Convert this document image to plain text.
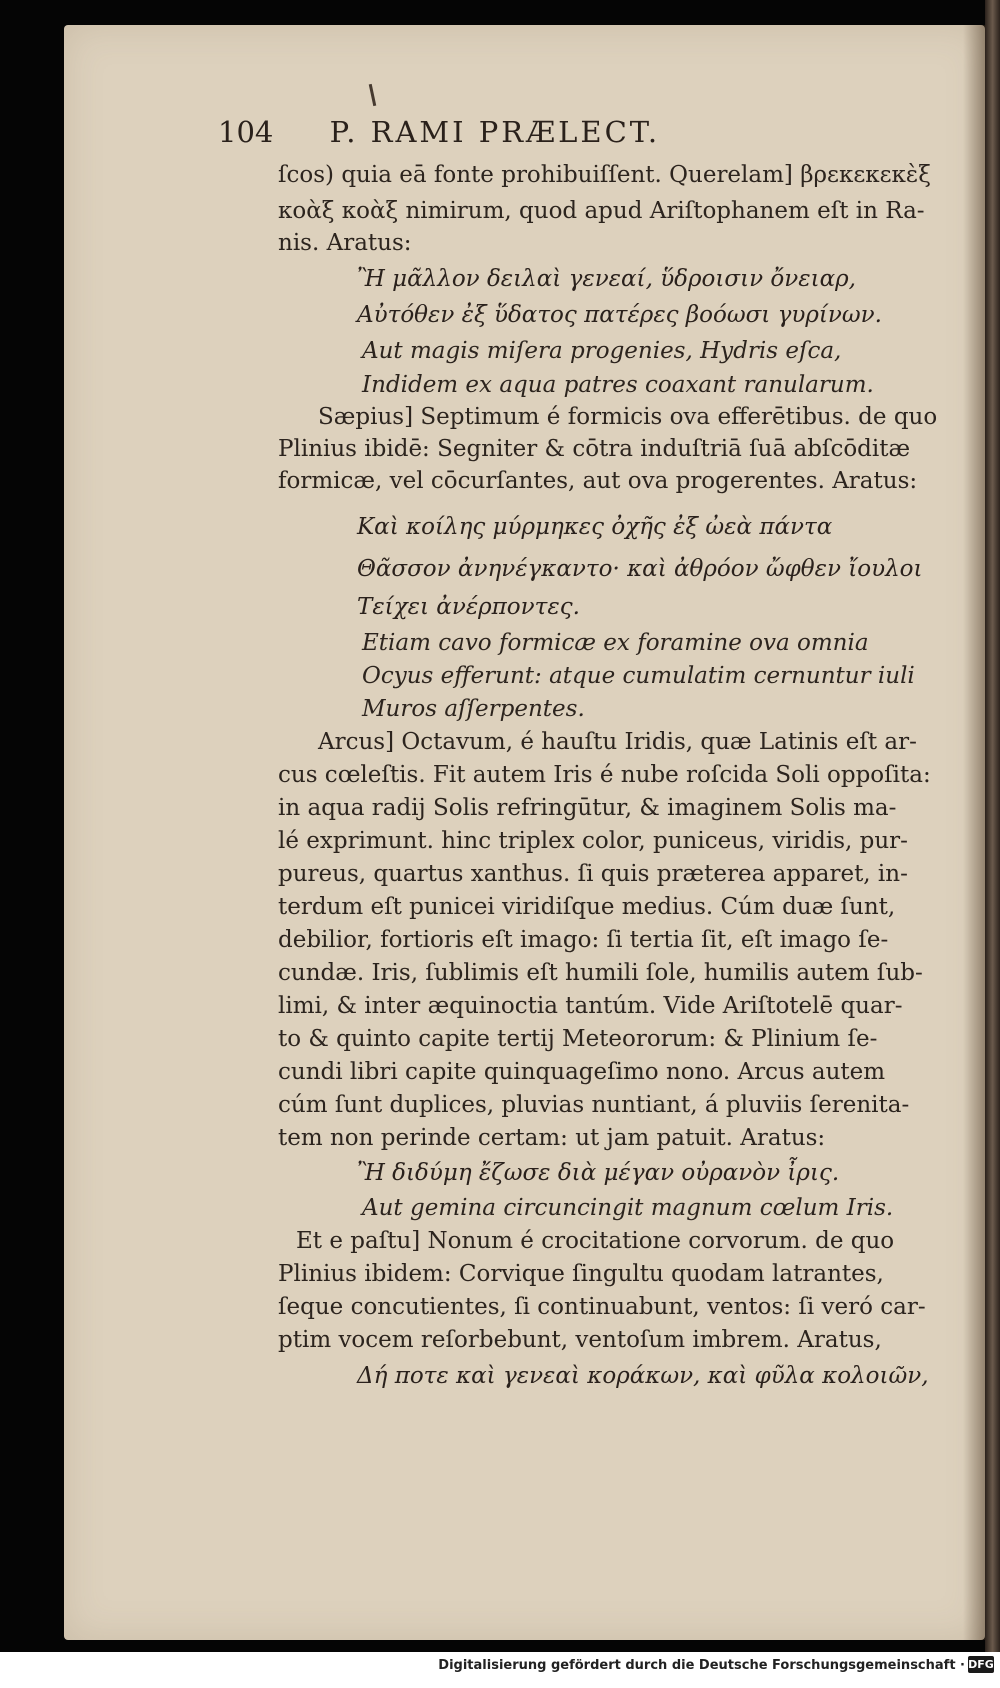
104 P. RAMI PRÆLECT.
ſcos) quia eā fonte prohibuiſſent. Querelam] βρεκεκεκὲξ
κοὰξ κοὰξ nimirum, quod apud Ariſtophanem eſt in Ra-
nis. Aratus:
Ἢ μᾶλλον δειλαὶ γενεαί, ὕδροισιν ὄνειαρ,
Αὐτόθεν ἐξ ὕδατος πατέρες βοόωσι γυρίνων.
Aut magis miſera progenies, Hydris eſca,
Indidem ex aqua patres coaxant ranularum.
Sæpius] Septimum é formicis ova efferētibus. de quo
Plinius ibidē: Segniter & cōtra induſtriā ſuā abſcōditæ
formicæ, vel cōcurſantes, aut ova progerentes. Aratus:
Καὶ κοίλης μύρμηκες ὀχῆς ἐξ ὠεὰ πάντα
Θᾶσσον ἀνηνέγκαντο· καὶ ἀθρόον ὤφθεν ἴουλοι
Τείχει ἀνέρποντες.
Etiam cavo formicæ ex foramine ova omnia
Ocyus efferunt: atque cumulatim cernuntur iuli
Muros aſſerpentes.
Arcus] Octavum, é hauſtu Iridis, quæ Latinis eſt ar-
cus cœleſtis. Fit autem Iris é nube roſcida Soli oppoſita:
in aqua radij Solis refringūtur, & imaginem Solis ma-
lé exprimunt. hinc triplex color, puniceus, viridis, pur-
pureus, quartus xanthus. ſi quis præterea apparet, in-
terdum eſt punicei viridiſque medius. Cúm duæ ſunt,
debilior, fortioris eſt imago: ſi tertia ſit, eſt imago ſe-
cundæ. Iris, ſublimis eſt humili ſole, humilis autem ſub-
limi, & inter æquinoctia tantúm. Vide Ariſtotelē quar-
to & quinto capite tertij Meteororum: & Plinium ſe-
cundi libri capite quinquageſimo nono. Arcus autem
cúm ſunt duplices, pluvias nuntiant, á pluviis ſerenita-
tem non perinde certam: ut jam patuit. Aratus:
Ἢ διδύμη ἔζωσε διὰ μέγαν οὐρανὸν ἶρις.
Aut gemina circuncingit magnum cœlum Iris.
Et e paſtu] Nonum é crocitatione corvorum. de quo
Plinius ibidem: Corvique ſingultu quodam latrantes,
ſeque concutientes, ſi continuabunt, ventos: ſi veró car-
ptim vocem reſorbebunt, ventoſum imbrem. Aratus,
Δή ποτε καὶ γενεαὶ κοράκων, καὶ φῦλα κολοιῶν,
Digitalisierung gefördert durch die Deutsche Forschungsgemeinschaft · DFG
